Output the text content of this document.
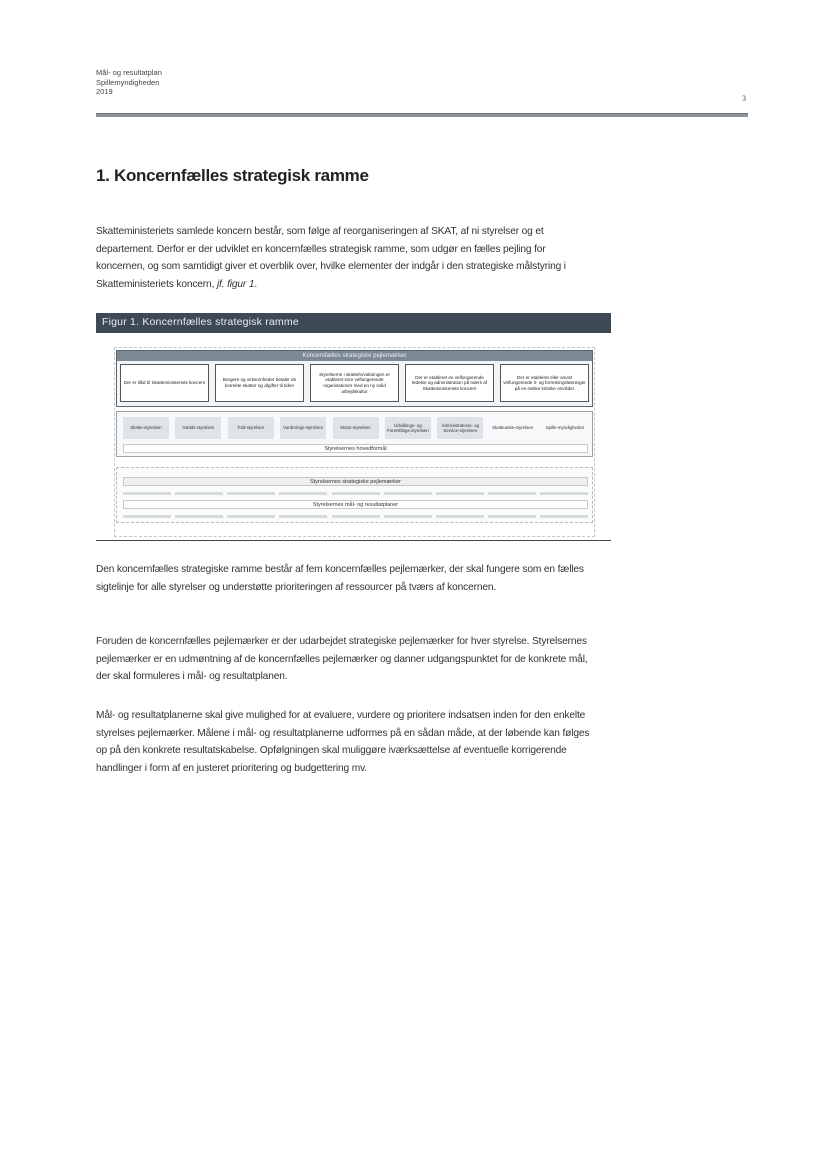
Mål- og resultatplan
Spillemyndigheden
2019
3
1. Koncernfælles strategisk ramme

Skatteministeriets samlede koncern består, som følge af reorganiseringen af SKAT, af ni styrelser og et departement. Derfor er der udviklet en koncernfælles strategisk ramme, som udgør en fælles pejling for koncernen, og som samtidigt giver et overblik over, hvilke elementer der indgår i den strategiske målstyring i Skatteministeriets koncern, jf. figur 1.

Figur 1. Koncernfælles strategisk ramme
Koncernfælles strategiske pejlemærker
Der er tillid til Skatteministeriets koncern
Borgere og virksomheder betaler de korrekte skatter og afgifter til tiden
Styrelserne i skatteforvaltningen er etableret som velfungerende organisationer med en ny solid arbejdskultur
Der er etableret en velfungerende ledelse og administration på tværs af Skatteministeriets koncern
Der er etableret eller anvist velfungerende it- og forretningsløsninger på en række kritiske områder
Skatte-styrelsen	Gælds-styrelsen	Told-styrelsen	Vurderings-styrelsen	Motor-styrelsen
Udviklings- og Forenklings-styrelsen
Administrations- og Service-styrelsen
Skatteankе-styrelsen	Spille-myndigheden
Styrelsernes hovedformål
Styrelsernes strategiske pejlemærker
Styrelsernes mål- og resultatplaner

Den koncernfælles strategiske ramme består af fem koncernfælles pejlemærker, der skal fungere som en fælles sigtelinje for alle styrelser og understøtte prioriteringen af ressourcer på tværs af koncernen.

Foruden de koncernfælles pejlemærker er der udarbejdet strategiske pejlemærker for hver styrelse. Styrelsernes pejlemærker er en udmøntning af de koncernfælles pejlemærker og danner udgangspunktet for de konkrete mål, der skal formuleres i mål- og resultatplanen.

Mål- og resultatplanerne skal give mulighed for at evaluere, vurdere og prioritere indsatsen inden for den enkelte styrelses pejlemærker. Målene i mål- og resultatplanerne udformes på en sådan måde, at der løbende kan følges op på den konkrete resultatskabelse. Opfølgningen skal muliggøre iværksættelse af eventuelle korrigerende handlinger i form af en justeret prioritering og budgettering mv.
